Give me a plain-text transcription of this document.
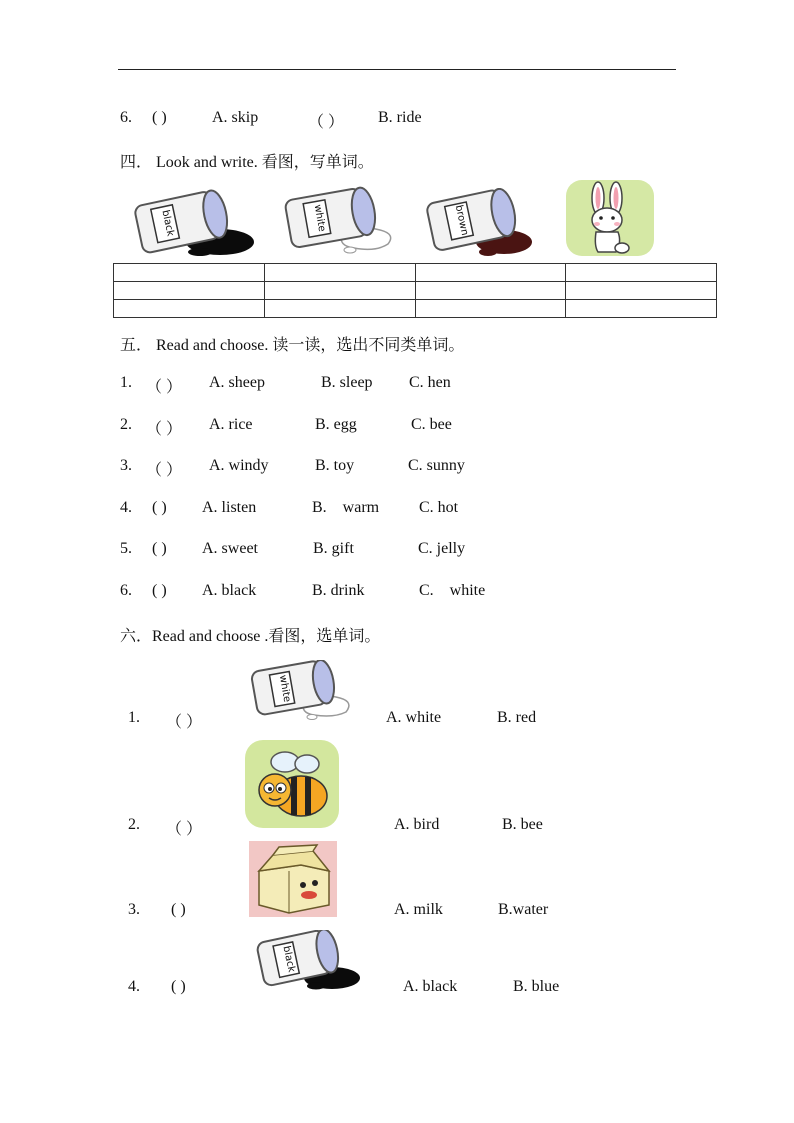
6. ( )	A. skip	（ ） B. ride
四． Look and write. 看图，写单词。
black	white	brown

五． Read and choose. 读一读，选出不同类单词。
1. （ ） A. sheep	B. sleep C. hen
2. （ ） A. rice	B. egg	C. bee
3. （ ） A. windy	B. toy	C. sunny
4. ( ) A. listen	B.    warm C. hot
5. ( ) A. sweet	B. gift	C. jelly
6. ( ) A. black	B. drink	C.    white
六．Read and choose .看图，选单词。
1. （ ）
white
A. white	B. red
2. （ ）	A. bird	B. bee
3. ( )	A. milk	B.water
4. ( )
black
A. black	B. blue
